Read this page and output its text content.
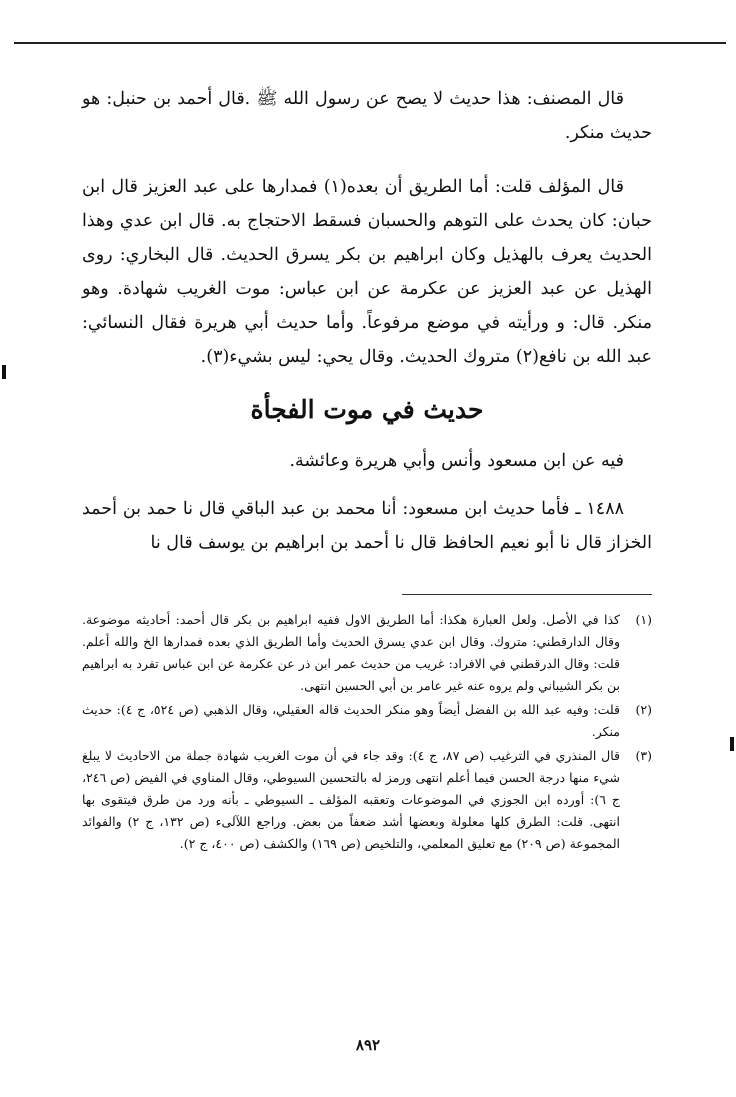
قال المصنف: هذا حديث لا يصح عن رسول الله ﷺ .قال أحمد بن حنبل: هو حديث منكر.

قال المؤلف قلت: أما الطريق أن بعده(١) فمدارها على عبد العزيز قال ابن حبان: كان يحدث على التوهم والحسبان فسقط الاحتجاج به. قال ابن عدي وهذا الحديث يعرف بالهذيل وكان ابراهيم بن بكر يسرق الحديث. قال البخاري: روى الهذيل عن عبد العزيز عن عكرمة عن ابن عباس: موت الغريب شهادة. وهو منكر. قال: و ورأيته في موضع مرفوعاً. وأما حديث أبي هريرة فقال النسائي: عبد الله بن نافع(٢) متروك الحديث. وقال يحي: ليس بشيء(٣).

حديث في موت الفجأة

فيه عن ابن مسعود وأنس وأبي هريرة وعائشة.

١٤٨٨ ـ فأما حديث ابن مسعود: أنا محمد بن عبد الباقي قال نا حمد بن أحمد الخزاز قال نا أبو نعيم الحافظ قال نا أحمد بن ابراهيم بن يوسف قال نا

(١)
كذا في الأصل. ولعل العبارة هكذا: أما الطريق الاول ففيه ابراهيم بن بكر قال أحمد: أحاديثه موضوعة. وقال الدارقطني: متروك. وقال ابن عدي يسرق الحديث وأما الطريق الذي بعده فمدارها الخ والله أعلم. قلت: وقال الدرقطني في الافراد: غريب من حديث عمر ابن ذر عن عكرمة عن ابن عباس تفرد به ابراهيم بن بكر الشيباني ولم يروه عنه غير عامر بن أبي الحسين انتهى.
(٢)
قلت: وفيه عبد الله بن الفضل أيضاً وهو منكر الحديث قاله العقيلي، وقال الذهبي (ص ٥٢٤، ج ٤): حديث منكر.
(٣)
قال المنذري في الترغيب (ص ٨٧، ج ٤): وقد جاء في أن موت الغريب شهادة جملة من الاحاديث لا يبلغ شيء منها درجة الحسن فيما أعلم انتهى ورمز له بالتحسين السيوطي، وقال المناوي في الفيض (ص ٢٤٦، ج ٦): أورده ابن الجوزي في الموضوعات وتعقبه المؤلف ـ السيوطي ـ بأنه ورد من طرق فيتقوى بها انتهى. قلت: الطرق كلها معلولة وبعضها أشد ضعفاً من بعض. وراجع اللآلىء (ص ١٣٢، ج ٢) والفوائد المجموعة (ص ٢٠٩) مع تعليق المعلمي، والتلخيص (ص ١٦٩) والكشف (ص ٤٠٠، ج ٢).
٨٩٢
